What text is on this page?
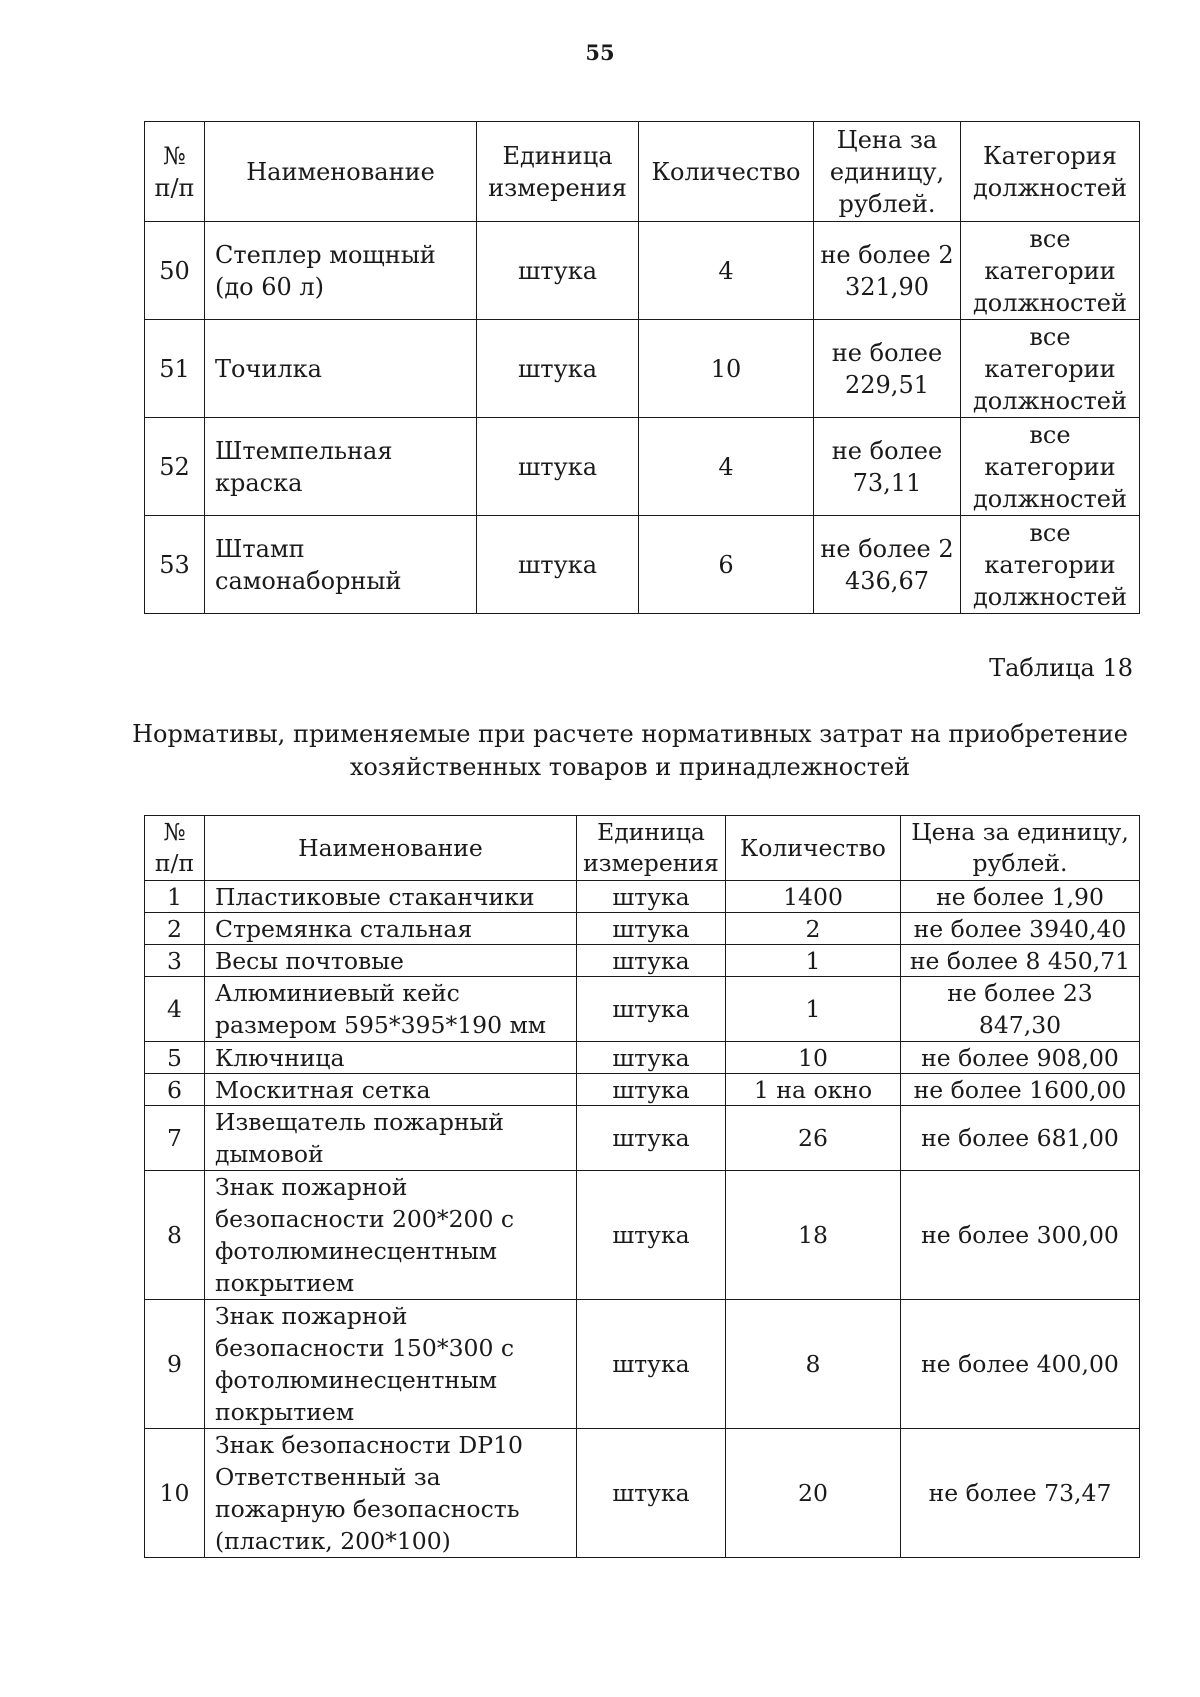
55
№ п/п	Наименование	Единица измерения	Количество	Цена за единицу, рублей.	Категория должностей
50	Степлер мощный (до 60 л)	штука	4	не более 2 321,90	все категории должностей
51	Точилка	штука	10	не более 229,51	все категории должностей
52	Штемпельная краска	штука	4	не более 73,11	все категории должностей
53	Штамп самонаборный	штука	6	не более 2 436,67	все категории должностей
Таблица 18
Нормативы, применяемые при расчете нормативных затрат на приобретение хозяйственных товаров и принадлежностей
№ п/п	Наименование	Единица измерения	Количество	Цена за единицу, рублей.
1	Пластиковые стаканчики	штука	1400	не более 1,90
2	Стремянка стальная	штука	2	не более 3940,40
3	Весы почтовые	штука	1	не более 8 450,71
4	Алюминиевый кейс размером 595*395*190 мм	штука	1	не более 23 847,30
5	Ключница	штука	10	не более 908,00
6	Москитная сетка	штука	1 на окно	не более 1600,00
7	Извещатель пожарный дымовой	штука	26	не более 681,00
8	Знак пожарной безопасности 200*200 с фотолюминесцентным покрытием	штука	18	не более 300,00
9	Знак пожарной безопасности 150*300 с фотолюминесцентным покрытием	штука	8	не более 400,00
10	Знак безопасности DP10 Ответственный за пожарную безопасность (пластик, 200*100)	штука	20	не более 73,47
